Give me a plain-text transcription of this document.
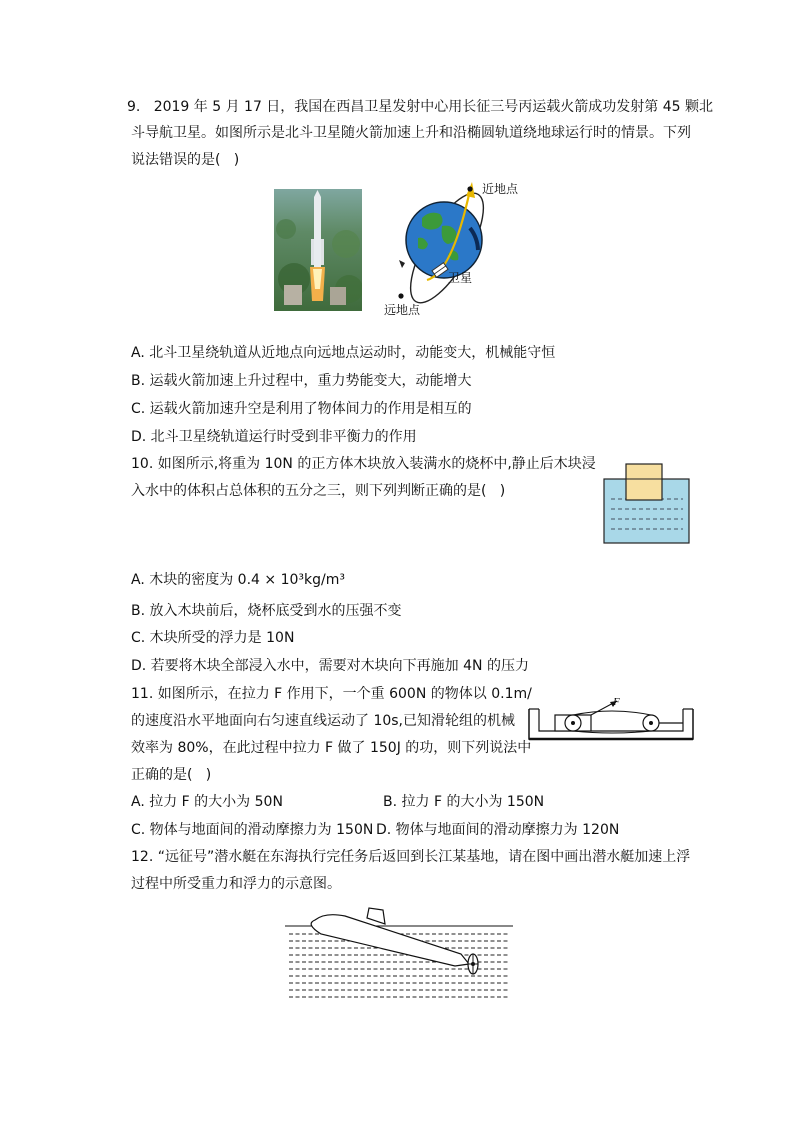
9.   2019 年 5 月 17 日，我国在西昌卫星发射中心用长征三号丙运载火箭成功发射第 45 颗北
斗导航卫星。如图所示是北斗卫星随火箭加速上升和沿椭圆轨道绕地球运行时的情景。下列
说法错误的是(   )
近地点
卫星
远地点
A. 北斗卫星绕轨道从近地点向远地点运动时，动能变大，机械能守恒
B. 运载火箭加速上升过程中，重力势能变大，动能增大
C. 运载火箭加速升空是利用了物体间力的作用是相互的
D. 北斗卫星绕轨道运行时受到非平衡力的作用
10. 如图所示,将重为 10N 的正方体木块放入装满水的烧杯中,静止后木块浸
入水中的体积占总体积的五分之三，则下列判断正确的是(   )
A. 木块的密度为 0.4 × 10³kg/m³
B. 放入木块前后，烧杯底受到水的压强不变
C. 木块所受的浮力是 10N
D. 若要将木块全部浸入水中，需要对木块向下再施加 4N 的压力
11. 如图所示，在拉力 F 作用下，一个重 600N 的物体以 0.1m/
的速度沿水平地面向右匀速直线运动了 10s,已知滑轮组的机械
效率为 80%，在此过程中拉力 F 做了 150J 的功，则下列说法中
正确的是(   )
F
A. 拉力 F 的大小为 50N	B. 拉力 F 的大小为 150N
C. 物体与地面间的滑动摩擦力为 150N D. 物体与地面间的滑动摩擦力为 120N
12. “远征号”潜水艇在东海执行完任务后返回到长江某基地，请在图中画出潜水艇加速上浮
过程中所受重力和浮力的示意图。
